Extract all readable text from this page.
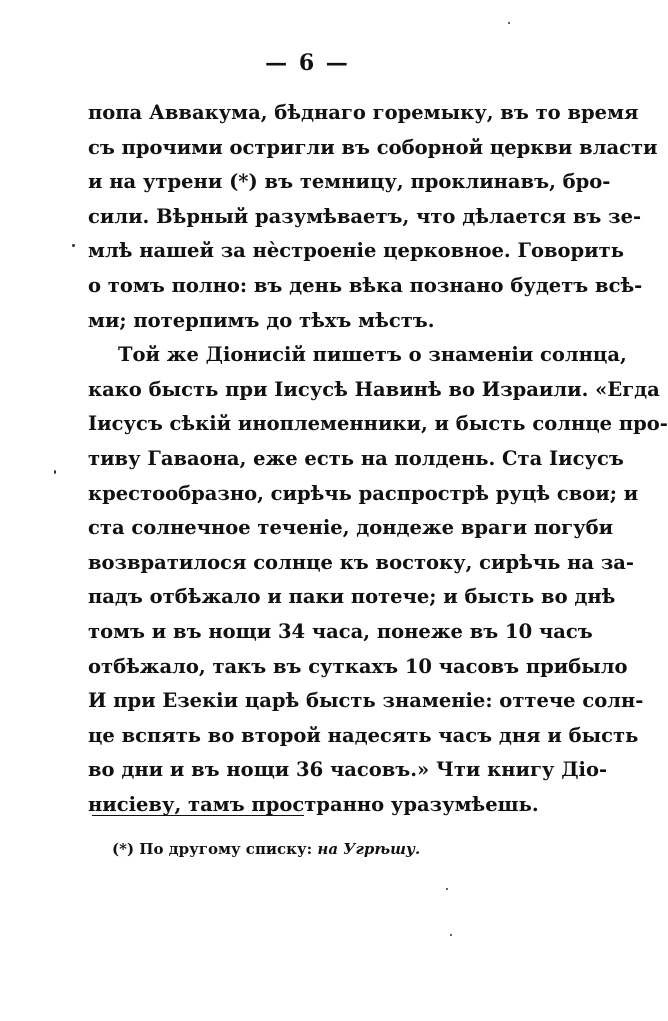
— 6 —
попа Аввакума, бѣднаго горемыку, въ то время
съ прочими остригли въ соборной церкви власти
и на утрени (*) въ темницу, проклинавъ, бро-
сили. Вѣрный разумѣваетъ, что дѣлается въ зе-
млѣ нашей за нѐстроеніе церковное. Говорить
о томъ полно: въ день вѣка познано будетъ всѣ-
ми; потерпимъ до тѣхъ мѣстъ.
Той же Діонисій пишетъ о знаменіи солнца,
како бысть при Іисусѣ Навинѣ во Израили. «Егда
Іисусъ сѣкій иноплеменники, и бысть солнце про-
тиву Гаваона, еже есть на полдень. Ста Іисусъ
крестообразно, сирѣчь распрострѣ руцѣ свои; и
ста солнечное теченіе, дондеже враги погуби
возвратилося солнце къ востоку, сирѣчь на за-
падъ отбѣжало и паки потече; и бысть во днѣ
томъ и въ нощи 34 часа, понеже въ 10 часъ
отбѣжало, такъ въ суткахъ 10 часовъ прибыло
И при Езекіи царѣ бысть знаменіе: оттече солн-
це вспять во второй надесять часъ дня и бысть
во дни и въ нощи 36 часовъ.» Чти книгу Діо-
нисіеву, тамъ пространно уразумѣешь.
(*) По другому списку: на Угрѣшу.
